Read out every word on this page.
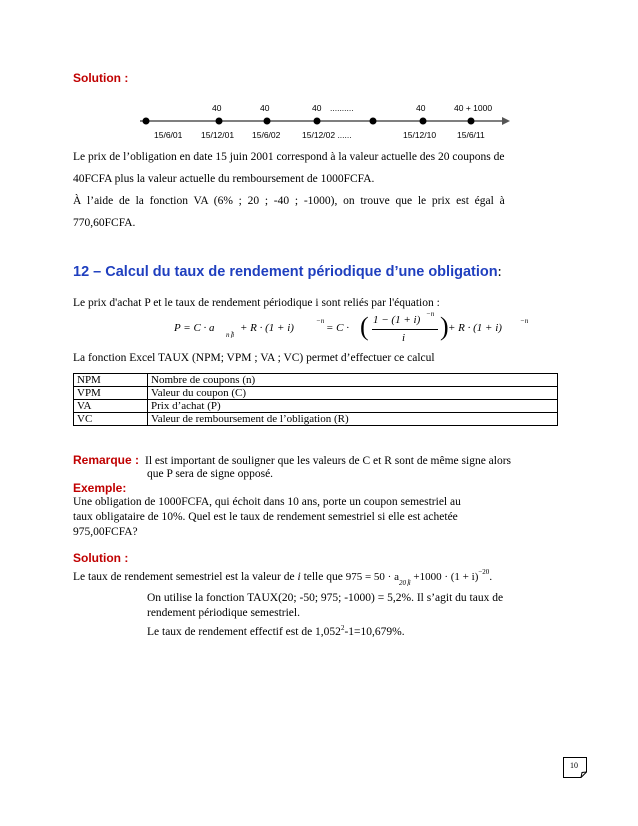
Solution :
40	40	40 ..........	40	40 + 1000
15/6/01 15/12/01 15/6/02	15/12/02 ......	15/12/10 15/6/11
Le prix de l’obligation en date 15 juin 2001 correspond à la valeur actuelle des 20 coupons de
40FCFA plus la valeur actuelle du remboursement de 1000FCFA.
À  l’aide  de  la  fonction  VA  (6%  ;  20  ;  -40  ;  -1000),  on  trouve  que  le  prix  est  égal  à
770,60FCFA.
12 – Calcul du taux de rendement périodique d’une obligation:
Le prix d'achat P et le taux de rendement périodique i sont reliés par l'équation :
P = C · a
n⌉i
+ R · (1 + i)
−n
= C · ( 1 − (1 + i) −n
i ) + R · (1 + i)
−n
La fonction Excel TAUX (NPM; VPM ; VA ; VC) permet d’effectuer ce calcul
NPM	Nombre de coupons (n)
VPM	Valeur du coupon (C)
VA	Prix d’achat (P)
VC	Valeur de remboursement de l’obligation (R)
Remarque : Il est important de souligner que les valeurs de C et R sont de même signe alors
que P sera de signe opposé.
Exemple:
Une obligation de 1000FCFA, qui échoit dans 10 ans, porte un coupon semestriel au
taux obligataire de 10%. Quel est le taux de rendement semestriel si elle est achetée
975,00FCFA?
Solution :
Le taux de rendement semestriel est la valeur de i telle que $975 = 50 \cdot a_{20⌉i} +1000 \cdot (1 + i)^{-20}$.
On utilise la fonction TAUX(20; -50; 975; -1000) = 5,2%. Il s’agit du taux de
rendement périodique semestriel.
Le taux de rendement effectif est de $1,052^2-1=10,679\%$.
10
